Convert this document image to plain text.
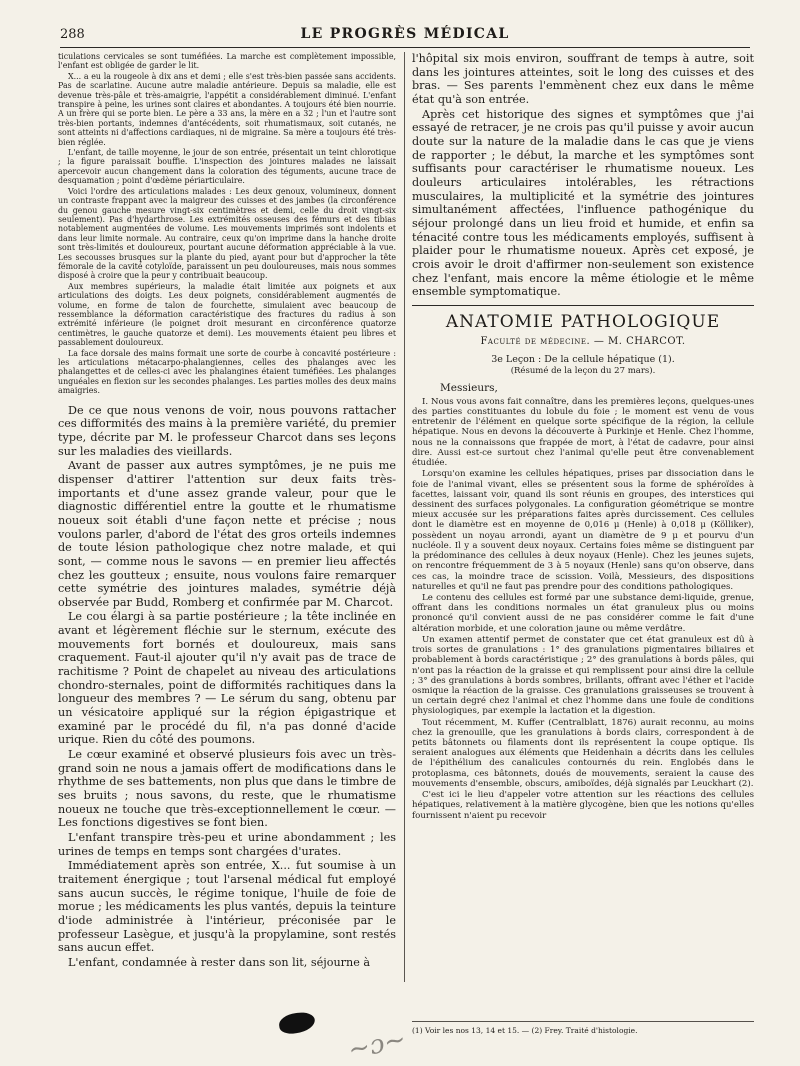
288	LE PROGRÈS MÉDICAL

ticulations cervicales se sont tuméfiées. La marche est complètement impossible, l'enfant est obligée de garder le lit.

X... a eu la rougeole à dix ans et demi ; elle s'est très-bien passée sans accidents. Pas de scarlatine. Aucune autre maladie antérieure. Depuis sa maladie, elle est devenue très-pâle et très-amaigrie, l'appétit a considérablement diminué. L'enfant transpire à peine, les urines sont claires et abondantes. A toujours été bien nourrie. A un frère qui se porte bien. Le père a 33 ans, la mère en a 32 ; l'un et l'autre sont très-bien portants, indemnes d'antécédents, soit rhumatismaux, soit cutanés, ne sont atteints ni d'affections cardiaques, ni de migraine. Sa mère a toujours été très-bien réglée.

L'enfant, de taille moyenne, le jour de son entrée, présentait un teint chlorotique ; la figure paraissait bouffie. L'inspection des jointures malades ne laissait apercevoir aucun changement dans la coloration des téguments, aucune trace de desquamation ; point d'œdème périarticulaire.

Voici l'ordre des articulations malades : Les deux genoux, volumineux, donnent un contraste frappant avec la maigreur des cuisses et des jambes (la circonférence du genou gauche mesure vingt-six centimètres et demi, celle du droit vingt-six seulement). Pas d'hydarthrose. Les extrémités osseuses des fémurs et des tibias notablement augmentées de volume. Les mouvements imprimés sont indolents et dans leur limite normale. Au contraire, ceux qu'on imprime dans la hanche droite sont très-limités et douloureux, pourtant aucune déformation appréciable à la vue. Les secousses brusques sur la plante du pied, ayant pour but d'approcher la tête fémorale de la cavité cotyloïde, paraissent un peu douloureuses, mais nous sommes disposé à croire que la peur y contribuait beaucoup.

Aux membres supérieurs, la maladie était limitée aux poignets et aux articulations des doigts. Les deux poignets, considérablement augmentés de volume, en forme de talon de fourchette, simulaient avec beaucoup de ressemblance la déformation caractéristique des fractures du radius à son extrémité inférieure (le poignet droit mesurant en circonférence quatorze centimètres, le gauche quatorze et demi). Les mouvements étaient peu libres et passablement douloureux.

La face dorsale des mains formait une sorte de courbe à concavité postérieure : les articulations métacarpo-phalangiennes, celles des phalanges avec les phalangettes et de celles-ci avec les phalangines étaient tuméfiées. Les phalanges unguéales en flexion sur les secondes phalanges. Les parties molles des deux mains amaigries.

De ce que nous venons de voir, nous pouvons rattacher ces difformités des mains à la première variété, du premier type, décrite par M. le professeur Charcot dans ses leçons sur les maladies des vieillards.

Avant de passer aux autres symptômes, je ne puis me dispenser d'attirer l'attention sur deux faits très-importants et d'une assez grande valeur, pour que le diagnostic différentiel entre la goutte et le rhumatisme noueux soit établi d'une façon nette et précise ; nous voulons parler, d'abord de l'état des gros orteils indemnes de toute lésion pathologique chez notre malade, et qui sont, — comme nous le savons — en premier lieu affectés chez les goutteux ; ensuite, nous voulons faire remarquer cette symétrie des jointures malades, symétrie déjà observée par Budd, Romberg et confirmée par M. Charcot.

Le cou élargi à sa partie postérieure ; la tête inclinée en avant et légèrement fléchie sur le sternum, exécute des mouvements fort bornés et douloureux, mais sans craquement. Faut-il ajouter qu'il n'y avait pas de trace de rachitisme ? Point de chapelet au niveau des articulations chondro-sternales, point de difformités rachitiques dans la longueur des membres ? — Le sérum du sang, obtenu par un vésicatoire appliqué sur la région épigastrique et examiné par le procédé du fil, n'a pas donné d'acide urique. Rien du côté des poumons.

Le cœur examiné et observé plusieurs fois avec un très-grand soin ne nous a jamais offert de modifications dans le rhythme de ses battements, non plus que dans le timbre de ses bruits ; nous savons, du reste, que le rhumatisme noueux ne touche que très-exceptionnellement le cœur. — Les fonctions digestives se font bien.

L'enfant transpire très-peu et urine abondamment ; les urines de temps en temps sont chargées d'urates.

Immédiatement après son entrée, X... fut soumise à un traitement énergique ; tout l'arsenal médical fut employé sans aucun succès, le régime tonique, l'huile de foie de morue ; les médicaments les plus vantés, depuis la teinture d'iode administrée à l'intérieur, préconisée par le professeur Lasègue, et jusqu'à la propylamine, sont restés sans aucun effet.

L'enfant, condamnée à rester dans son lit, séjourne à

l'hôpital six mois environ, souffrant de temps à autre, soit dans les jointures atteintes, soit le long des cuisses et des bras. — Ses parents l'emmènent chez eux dans le même état qu'à son entrée.

Après cet historique des signes et symptômes que j'ai essayé de retracer, je ne crois pas qu'il puisse y avoir aucun doute sur la nature de la maladie dans le cas que je viens de rapporter ; le début, la marche et les symptômes sont suffisants pour caractériser le rhumatisme noueux. Les douleurs articulaires intolérables, les rétractions musculaires, la multiplicité et la symétrie des jointures simultanément affectées, l'influence pathogénique du séjour prolongé dans un lieu froid et humide, et enfin sa ténacité contre tous les médicaments employés, suffisent à plaider pour le rhumatisme noueux. Après cet exposé, je crois avoir le droit d'affirmer non-seulement son existence chez l'enfant, mais encore la même étiologie et le même ensemble symptomatique.

ANATOMIE PATHOLOGIQUE
Faculté de médecine. — M. CHARCOT.
3e Leçon : De la cellule hépatique (1).
(Résumé de la leçon du 27 mars).
Messieurs,

I. Nous vous avons fait connaître, dans les premières leçons, quelques-unes des parties constituantes du lobule du foie ; le moment est venu de vous entretenir de l'élément en quelque sorte spécifique de la région, la cellule hépatique. Nous en devons la découverte à Purkinje et Henle. Chez l'homme, nous ne la connaissons que frappée de mort, à l'état de cadavre, pour ainsi dire. Aussi est-ce surtout chez l'animal qu'elle peut être convenablement étudiée.

Lorsqu'on examine les cellules hépatiques, prises par dissociation dans le foie de l'animal vivant, elles se présentent sous la forme de sphéroïdes à facettes, laissant voir, quand ils sont réunis en groupes, des interstices qui dessinent des surfaces polygonales. La configuration géométrique se montre mieux accusée sur les préparations faites après durcissement. Ces cellules dont le diamètre est en moyenne de 0,016 μ (Henle) à 0,018 μ (Kölliker), possèdent un noyau arrondi, ayant un diamètre de 9 μ et pourvu d'un nucléole. Il y a souvent deux noyaux. Certains foies même se distinguent par la prédominance des cellules à deux noyaux (Henle). Chez les jeunes sujets, on rencontre fréquemment de 3 à 5 noyaux (Henle) sans qu'on observe, dans ces cas, la moindre trace de scission. Voilà, Messieurs, des dispositions naturelles et qu'il ne faut pas prendre pour des conditions pathologiques.

Le contenu des cellules est formé par une substance demi-liquide, grenue, offrant dans les conditions normales un état granuleux plus ou moins prononcé qu'il convient aussi de ne pas considérer comme le fait d'une altération morbide, et une coloration jaune ou même verdâtre.

Un examen attentif permet de constater que cet état granuleux est dû à trois sortes de granulations : 1° des granulations pigmentaires biliaires et probablement à bords caractéristique ; 2° des granulations à bords pâles, qui n'ont pas la réaction de la graisse et qui remplissent pour ainsi dire la cellule ; 3° des granulations à bords sombres, brillants, offrant avec l'éther et l'acide osmique la réaction de la graisse. Ces granulations graisseuses se trouvent à un certain degré chez l'animal et chez l'homme dans une foule de conditions physiologiques, par exemple la lactation et la digestion.

Tout récemment, M. Kuffer (Centralblatt, 1876) aurait reconnu, au moins chez la grenouille, que les granulations à bords clairs, correspondent à de petits bâtonnets ou filaments dont ils représentent la coupe optique. Ils seraient analogues aux éléments que Heidenhain a décrits dans les cellules de l'épithélium des canalicules contournés du rein. Englobés dans le protoplasma, ces bâtonnets, doués de mouvements, seraient la cause des mouvements d'ensemble, obscurs, amiboïdes, déjà signalés par Leuckhart (2).

C'est ici le lieu d'appeler votre attention sur les réactions des cellules hépatiques, relativement à la matière glycogène, bien que les notions qu'elles fournissent n'aient pu recevoir

(1) Voir les nos 13, 14 et 15. — (2) Frey. Traité d'histologie.
~ɔ~
